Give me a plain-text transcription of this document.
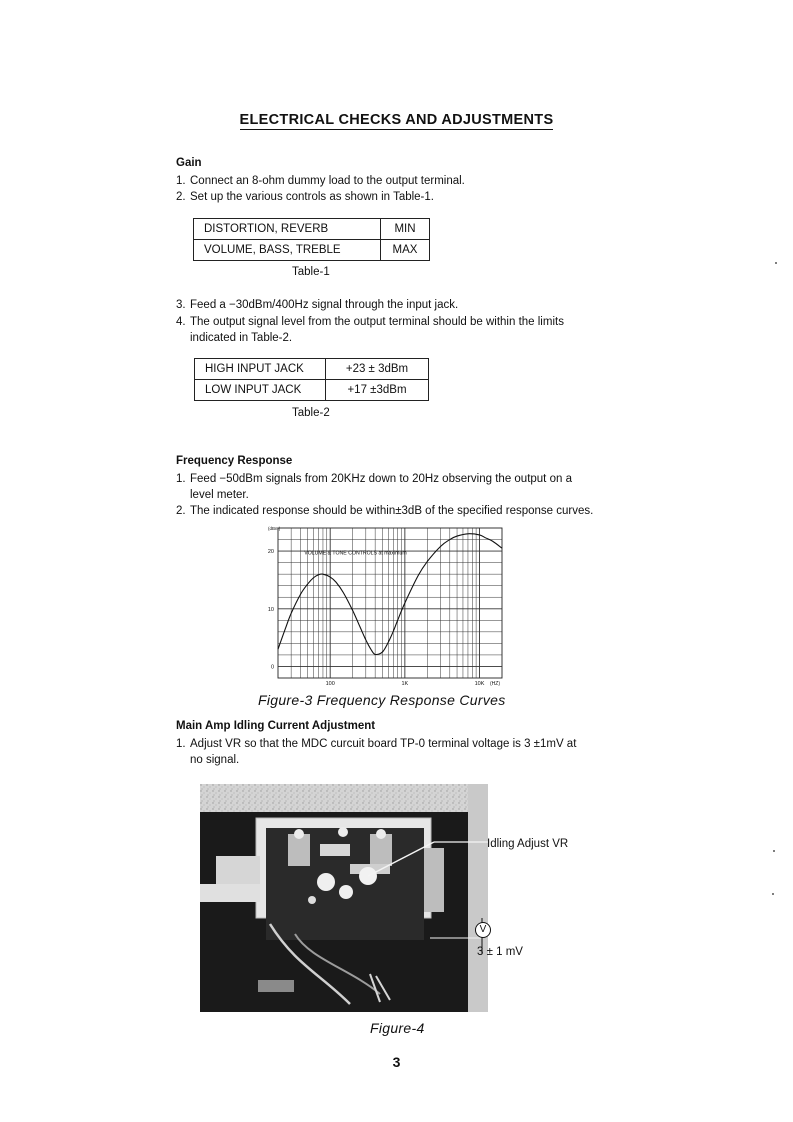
ELECTRICAL CHECKS AND ADJUSTMENTS
Gain
1. Connect an 8-ohm dummy load to the output terminal.
2. Set up the various controls as shown in Table-1.
DISTORTION, REVERB	MIN
VOLUME, BASS, TREBLE	MAX
Table-1
3. Feed a −30dBm/400Hz signal through the input jack.
4. The output signal level from the output terminal should be within the limits
indicated in Table-2.
HIGH INPUT JACK	+23 ± 3dBm
LOW INPUT JACK	+17 ±3dBm
Table-2
Frequency Response
1. Feed −50dBm signals from 20KHz down to 20Hz observing the output on a
level meter.
2. The indicated response should be within±3dB of the specified response curves.
20
10
0
100	1K	10K
(dBm)
(HZ)
VOLUME & TONE CONTROLS at maximum
Figure-3 Frequency Response Curves
Main Amp Idling Current Adjustment
1. Adjust VR so that the MDC curcuit board TP-0 terminal voltage is 3 ±1mV at
no signal.
Idling Adjust VR
V
3 ± 1 mV
Figure-4
3
